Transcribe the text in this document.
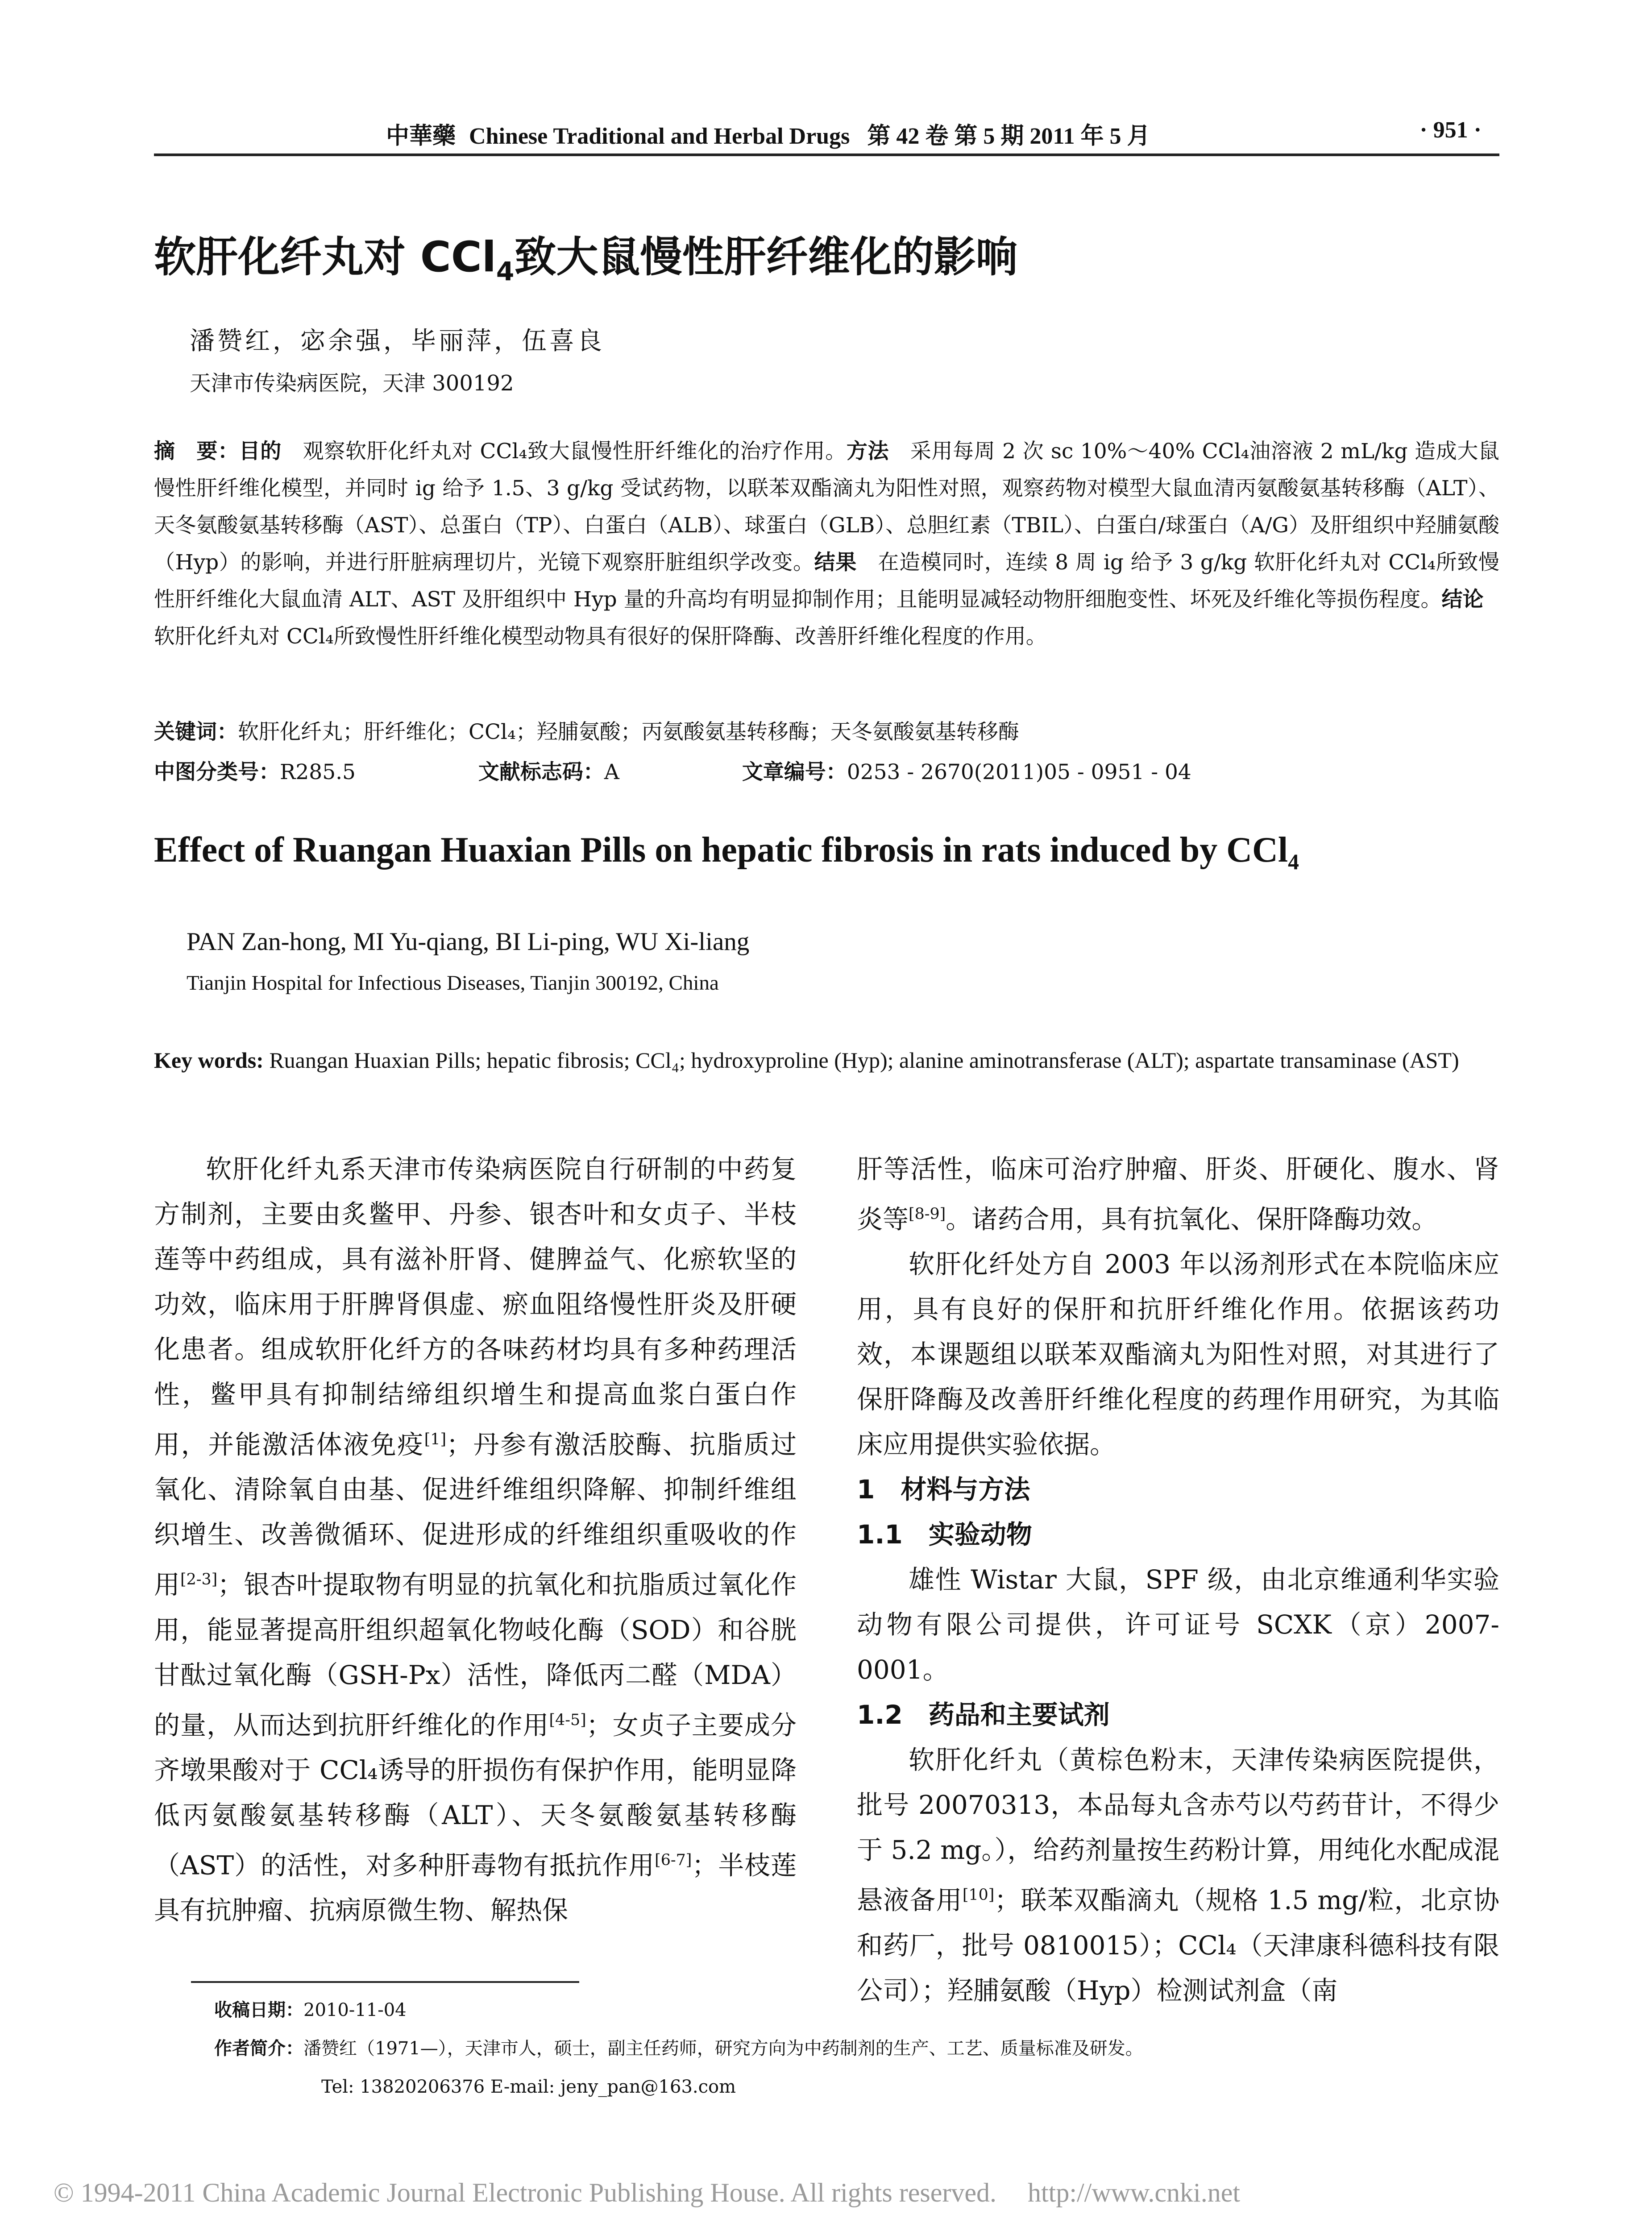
中華藥 Chinese Traditional and Herbal Drugs 第 42 卷 第 5 期 2011 年 5 月	· 951 ·
软肝化纤丸对 CCl$_4$致大鼠慢性肝纤维化的影响
潘赞红，宓余强，毕丽萍，伍喜良
天津市传染病医院，天津 300192
摘　要：目的　观察软肝化纤丸对 CCl₄致大鼠慢性肝纤维化的治疗作用。方法　采用每周 2 次 sc 10%～40% CCl₄油溶液 2 mL/kg 造成大鼠慢性肝纤维化模型，并同时 ig 给予 1.5、3 g/kg 受试药物，以联苯双酯滴丸为阳性对照，观察药物对模型大鼠血清丙氨酸氨基转移酶（ALT）、天冬氨酸氨基转移酶（AST）、总蛋白（TP）、白蛋白（ALB）、球蛋白（GLB）、总胆红素（TBIL）、白蛋白/球蛋白（A/G）及肝组织中羟脯氨酸（Hyp）的影响，并进行肝脏病理切片，光镜下观察肝脏组织学改变。结果　在造模同时，连续 8 周 ig 给予 3 g/kg 软肝化纤丸对 CCl₄所致慢性肝纤维化大鼠血清 ALT、AST 及肝组织中 Hyp 量的升高均有明显抑制作用；且能明显减轻动物肝细胞变性、坏死及纤维化等损伤程度。结论　软肝化纤丸对 CCl₄所致慢性肝纤维化模型动物具有很好的保肝降酶、改善肝纤维化程度的作用。
关键词：软肝化纤丸；肝纤维化；CCl₄；羟脯氨酸；丙氨酸氨基转移酶；天冬氨酸氨基转移酶
中图分类号：R285.5	文献标志码：A	文章编号：0253 - 2670(2011)05 - 0951 - 04
Effect of Ruangan Huaxian Pills on hepatic fibrosis in rats induced by CCl$_4$
PAN Zan-hong, MI Yu-qiang, BI Li-ping, WU Xi-liang
Tianjin Hospital for Infectious Diseases, Tianjin 300192, China
Key words: Ruangan Huaxian Pills; hepatic fibrosis; CCl₄; hydroxyproline (Hyp); alanine aminotransferase (ALT); aspartate transaminase (AST)

软肝化纤丸系天津市传染病医院自行研制的中药复方制剂，主要由炙鳖甲、丹参、银杏叶和女贞子、半枝莲等中药组成，具有滋补肝肾、健脾益气、化瘀软坚的功效，临床用于肝脾肾俱虚、瘀血阻络慢性肝炎及肝硬化患者。组成软肝化纤方的各味药材均具有多种药理活性，鳖甲具有抑制结缔组织增生和提高血浆白蛋白作用，并能激活体液免疫[1]；丹参有激活胶酶、抗脂质过氧化、清除氧自由基、促进纤维组织降解、抑制纤维组织增生、改善微循环、促进形成的纤维组织重吸收的作用[2-3]；银杏叶提取物有明显的抗氧化和抗脂质过氧化作用，能显著提高肝组织超氧化物岐化酶（SOD）和谷胱甘酞过氧化酶（GSH-Px）活性，降低丙二醛（MDA）的量，从而达到抗肝纤维化的作用[4-5]；女贞子主要成分齐墩果酸对于 CCl₄诱导的肝损伤有保护作用，能明显降低丙氨酸氨基转移酶（ALT）、天冬氨酸氨基转移酶（AST）的活性，对多种肝毒物有抵抗作用[6-7]；半枝莲具有抗肿瘤、抗病原微生物、解热保

肝等活性，临床可治疗肿瘤、肝炎、肝硬化、腹水、肾炎等[8-9]。诸药合用，具有抗氧化、保肝降酶功效。

软肝化纤处方自 2003 年以汤剂形式在本院临床应用，具有良好的保肝和抗肝纤维化作用。依据该药功效，本课题组以联苯双酯滴丸为阳性对照，对其进行了保肝降酶及改善肝纤维化程度的药理作用研究，为其临床应用提供实验依据。

1　材料与方法
1.1　实验动物

雄性 Wistar 大鼠，SPF 级，由北京维通利华实验动物有限公司提供，许可证号 SCXK（京）2007-0001。

1.2　药品和主要试剂

软肝化纤丸（黄棕色粉末，天津传染病医院提供，批号 20070313，本品每丸含赤芍以芍药苷计，不得少于 5.2 mg。），给药剂量按生药粉计算，用纯化水配成混悬液备用[10]；联苯双酯滴丸（规格 1.5 mg/粒，北京协和药厂，批号 0810015）；CCl₄（天津康科德科技有限公司）；羟脯氨酸（Hyp）检测试剂盒（南

收稿日期：2010-11-04
作者简介：潘赞红（1971—），天津市人，硕士，副主任药师，研究方向为中药制剂的生产、工艺、质量标准及研发。
Tel: 13820206376 E-mail: jeny_pan@163.com
© 1994-2011 China Academic Journal Electronic Publishing House. All rights reserved. http://www.cnki.net
